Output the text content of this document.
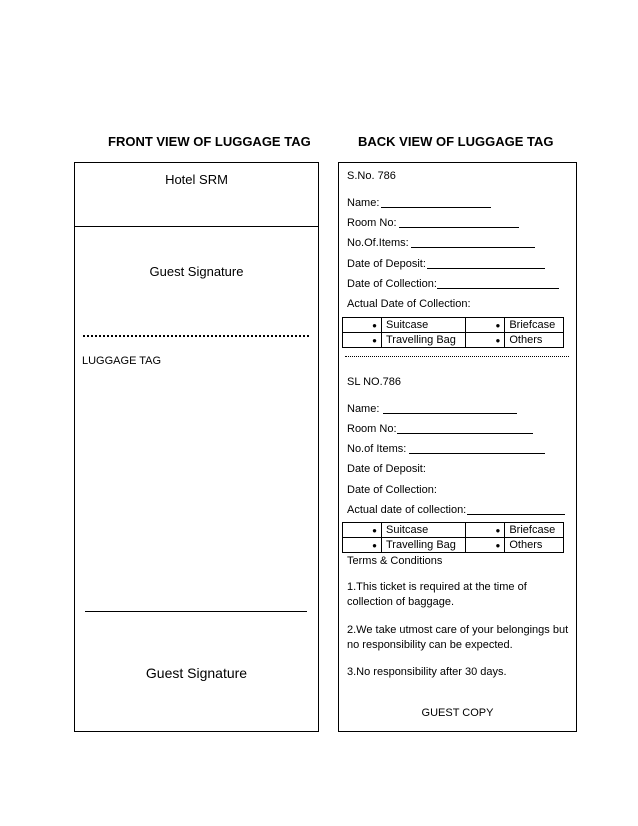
FRONT VIEW OF LUGGAGE TAG	BACK VIEW OF LUGGAGE TAG
Hotel SRM
Guest Signature
LUGGAGE TAG
Guest Signature
S.No. 786
Name:
Room No:
No.Of.Items:
Date of Deposit:
Date of Collection:
Actual Date of Collection:
●	Suitcase	●	Briefcase
●	Travelling Bag	●	Others
SL NO.786
Name:
Room No:
No.of Items:
Date of Deposit:
Date of Collection:
Actual date of collection:
●	Suitcase	●	Briefcase
●	Travelling Bag	●	Others
Terms & Conditions
1.This ticket is required at the time of
collection of baggage.
2.We take utmost care of your belongings but
no responsibility can be expected.
3.No responsibility after 30 days.
GUEST COPY
